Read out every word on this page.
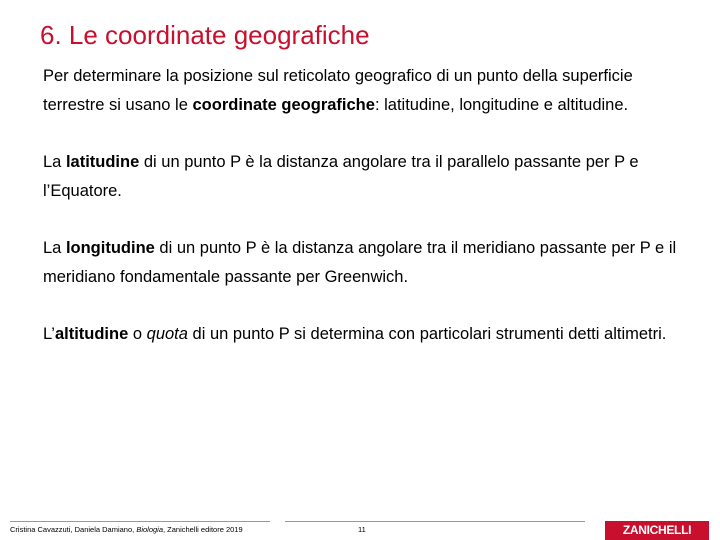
6. Le coordinate geografiche

Per determinare la posizione sul reticolato geografico di un punto della superficie terrestre si usano le coordinate geografiche: latitudine, longitudine e altitudine.

La latitudine di un punto P è la distanza angolare tra il parallelo passante per P e l’Equatore.

La longitudine di un punto P è la distanza angolare tra il meridiano passante per P e il meridiano fondamentale passante per Greenwich.

L’altitudine o quota di un punto P si determina con particolari strumenti detti altimetri.

Cristina Cavazzuti, Daniela Damiano, Biologia, Zanichelli editore 2019	11	ZANICHELLI
